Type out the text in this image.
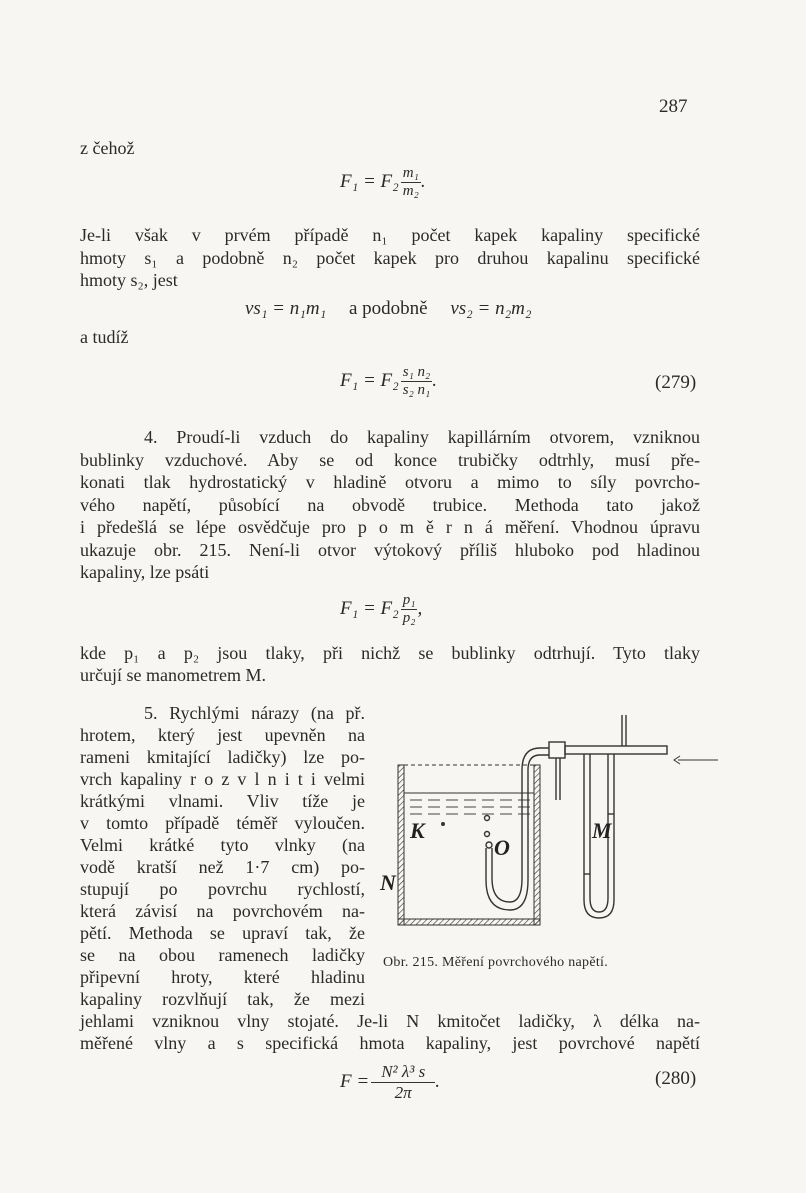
287
z čehož
$F_1 = F_2 \frac{\text{m₁}}{\text{m₂}}$ .
Je-li však v prvém případě n₁ počet kapek kapaliny specifické
hmoty s₁ a podobně n₂ počet kapek pro druhou kapalinu specifické
hmoty s₂, jest
vs₁ = n₁m₁ a podobně vs₂ = n₂m₂
a tudíž
$F_1 = F_2 \frac{\text{s₁ n₂}}{\text{s₂ n₁}}$ .	(279)
4. Proudí-li vzduch do kapaliny kapillárním otvorem, vzniknou
bublinky vzduchové. Aby se od konce trubičky odtrhly, musí pře-
konati tlak hydrostatický v hladině otvoru a mimo to síly povrcho-
vého napětí, působící na obvodě trubice. Methoda tato jakož
i předešlá se lépe osvědčuje pro p o m ě r n á měření. Vhodnou úpravu
ukazuje obr. 215. Není-li otvor výtokový příliš hluboko pod hladinou
kapaliny, lze psáti
$F_1 = F_2 \frac{\text{p₁}}{\text{p₂}}$ ,
kde p₁ a p₂ jsou tlaky, při nichž se bublinky odtrhují. Tyto tlaky
určují se manometrem M.
5. Rychlými nárazy (na př.
hrotem, který jest upevněn na
rameni kmitající ladičky) lze po-
vrch kapaliny r o z v l n i t i velmi
krátkými vlnami. Vliv tíže je
v tomto případě téměř vyloučen.
Velmi krátké tyto vlnky (na
vodě kratší než 1·7 cm) po-
stupují po povrchu rychlostí,
která závisí na povrchovém na-
pětí. Methoda se upraví tak, že
se na obou ramenech ladičky
připevní hroty, které hladinu
kapaliny rozvlňují tak, že mezi
jehlami vzniknou vlny stojaté. Je-li N kmitočet ladičky, λ délka na-
měřené vlny a s specifická hmota kapaliny, jest povrchové napětí
K
O
M
N
Obr. 215. Měření povrchového napětí.
$F = \frac{\text{N² λ³ s}}{2\pi}$ .	(280)
